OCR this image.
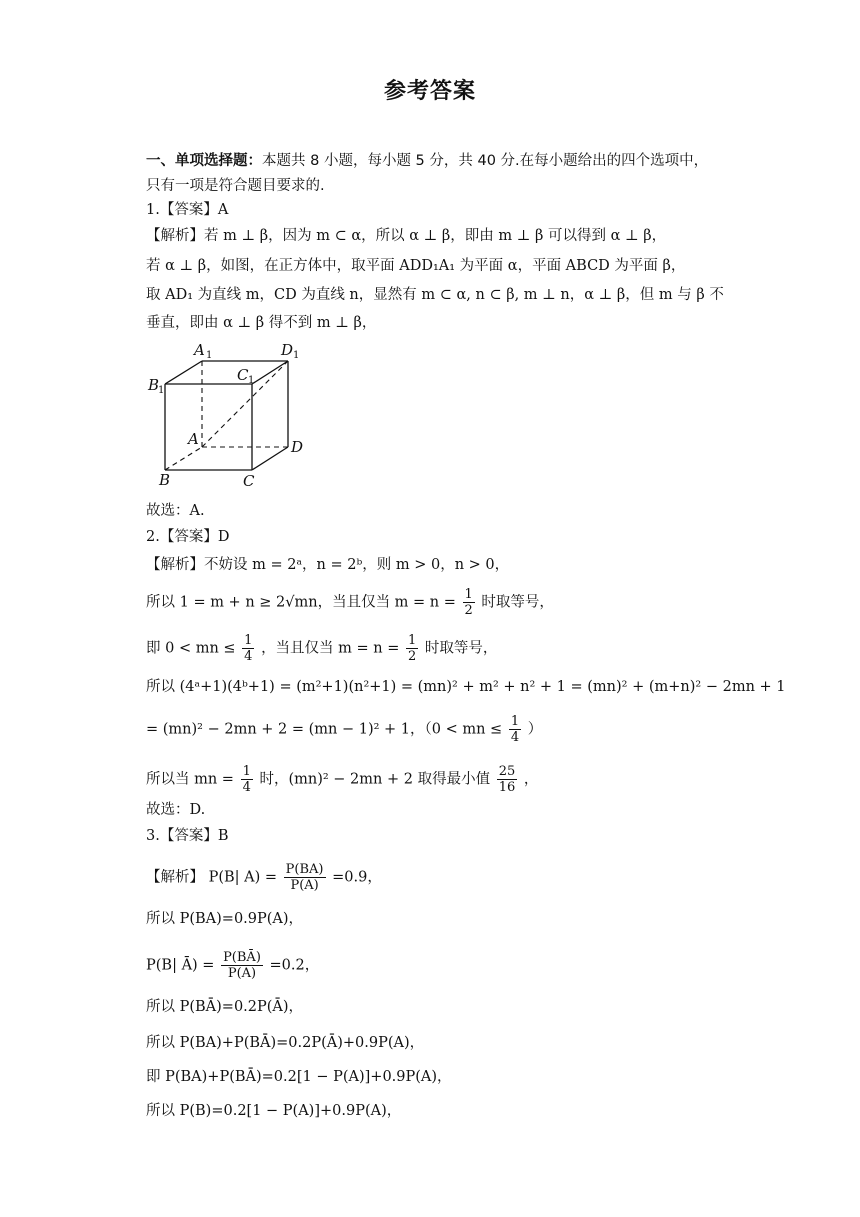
参考答案
一、单项选择题：本题共 8 小题，每小题 5 分，共 40 分.在每小题给出的四个选项中，
只有一项是符合题目要求的.
1.【答案】A
【解析】若 m ⊥ β，因为 m ⊂ α，所以 α ⊥ β，即由 m ⊥ β 可以得到 α ⊥ β，
若 α ⊥ β，如图，在正方体中，取平面 ADD₁A₁ 为平面 α，平面 ABCD 为平面 β，
取 AD₁ 为直线 m，CD 为直线 n，显然有 m ⊂ α, n ⊂ β, m ⊥ n，α ⊥ β，但 m 与 β 不
垂直，即由 α ⊥ β 得不到 m ⊥ β，
A 1	D 1
B
1
C 1
A	D
B	C
故选：A.
2.【答案】D
【解析】不妨设 m = 2ᵃ，n = 2ᵇ，则 m > 0，n > 0，
所以 1 = m + n ≥ 2√mn，当且仅当 $m = n = \frac{1}{2}$ 时取等号，
即 0 < mn ≤ $\frac{1}{4}$ ，当且仅当 $m = n = \frac{1}{2}$ 时取等号，
所以 (4ᵃ+1)(4ᵇ+1) = (m²+1)(n²+1) = (mn)² + m² + n² + 1 = (mn)² + (m+n)² − 2mn + 1
= (mn)² − 2mn + 2 = (mn − 1)² + 1，（0 < mn ≤ $\frac{1}{4}$ ）
所以当 mn = $\frac{1}{4}$ 时，(mn)² − 2mn + 2 取得最小值 $\frac{25}{16}$ ，
故选：D.
3.【答案】B
【解析】 P(B| $A) = \frac{P(BA)}{P(A)} =0.9$，
所以 P(BA)=0.9P(A)，
P(B| Ā) = $\frac{P(BĀ)}{P(Ā)} =0.2$，
所以 P(BĀ)=0.2P(Ā)，
所以 P(BA)+P(BĀ)=0.2P(Ā)+0.9P(A)，
即 P(BA)+P(BĀ)=0.2[1 − P(A)]+0.9P(A)，
所以 P(B)=0.2[1 − P(A)]+0.9P(A)，
